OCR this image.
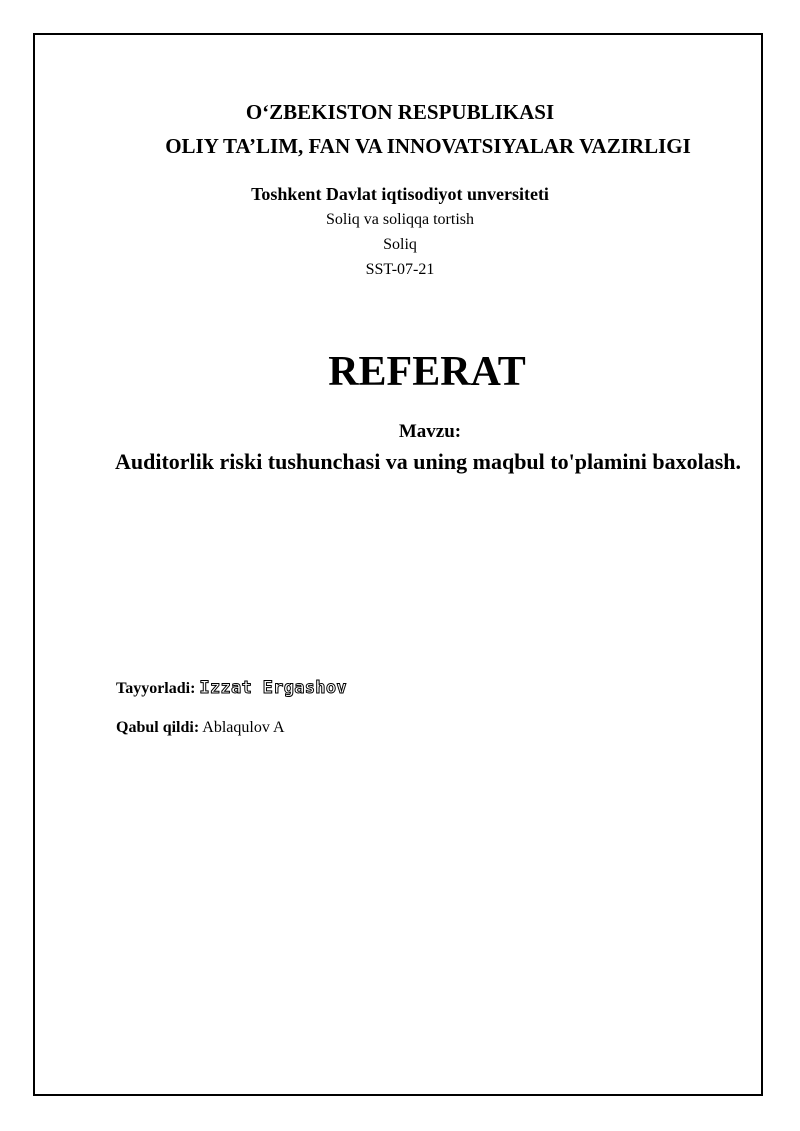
O‘ZBEKISTON RESPUBLIKASI
OLIY TA’LIM, FAN VA INNOVATSIYALAR VAZIRLIGI
Toshkent Davlat iqtisodiyot unversiteti
Soliq va soliqqa tortish
Soliq
SST-07-21
REFERAT
Mavzu:
Auditorlik riski tushunchasi va uning maqbul to'plamini baxolash.
Tayyorladi: Izzat Ergashov
Qabul qildi: Ablaqulov A
